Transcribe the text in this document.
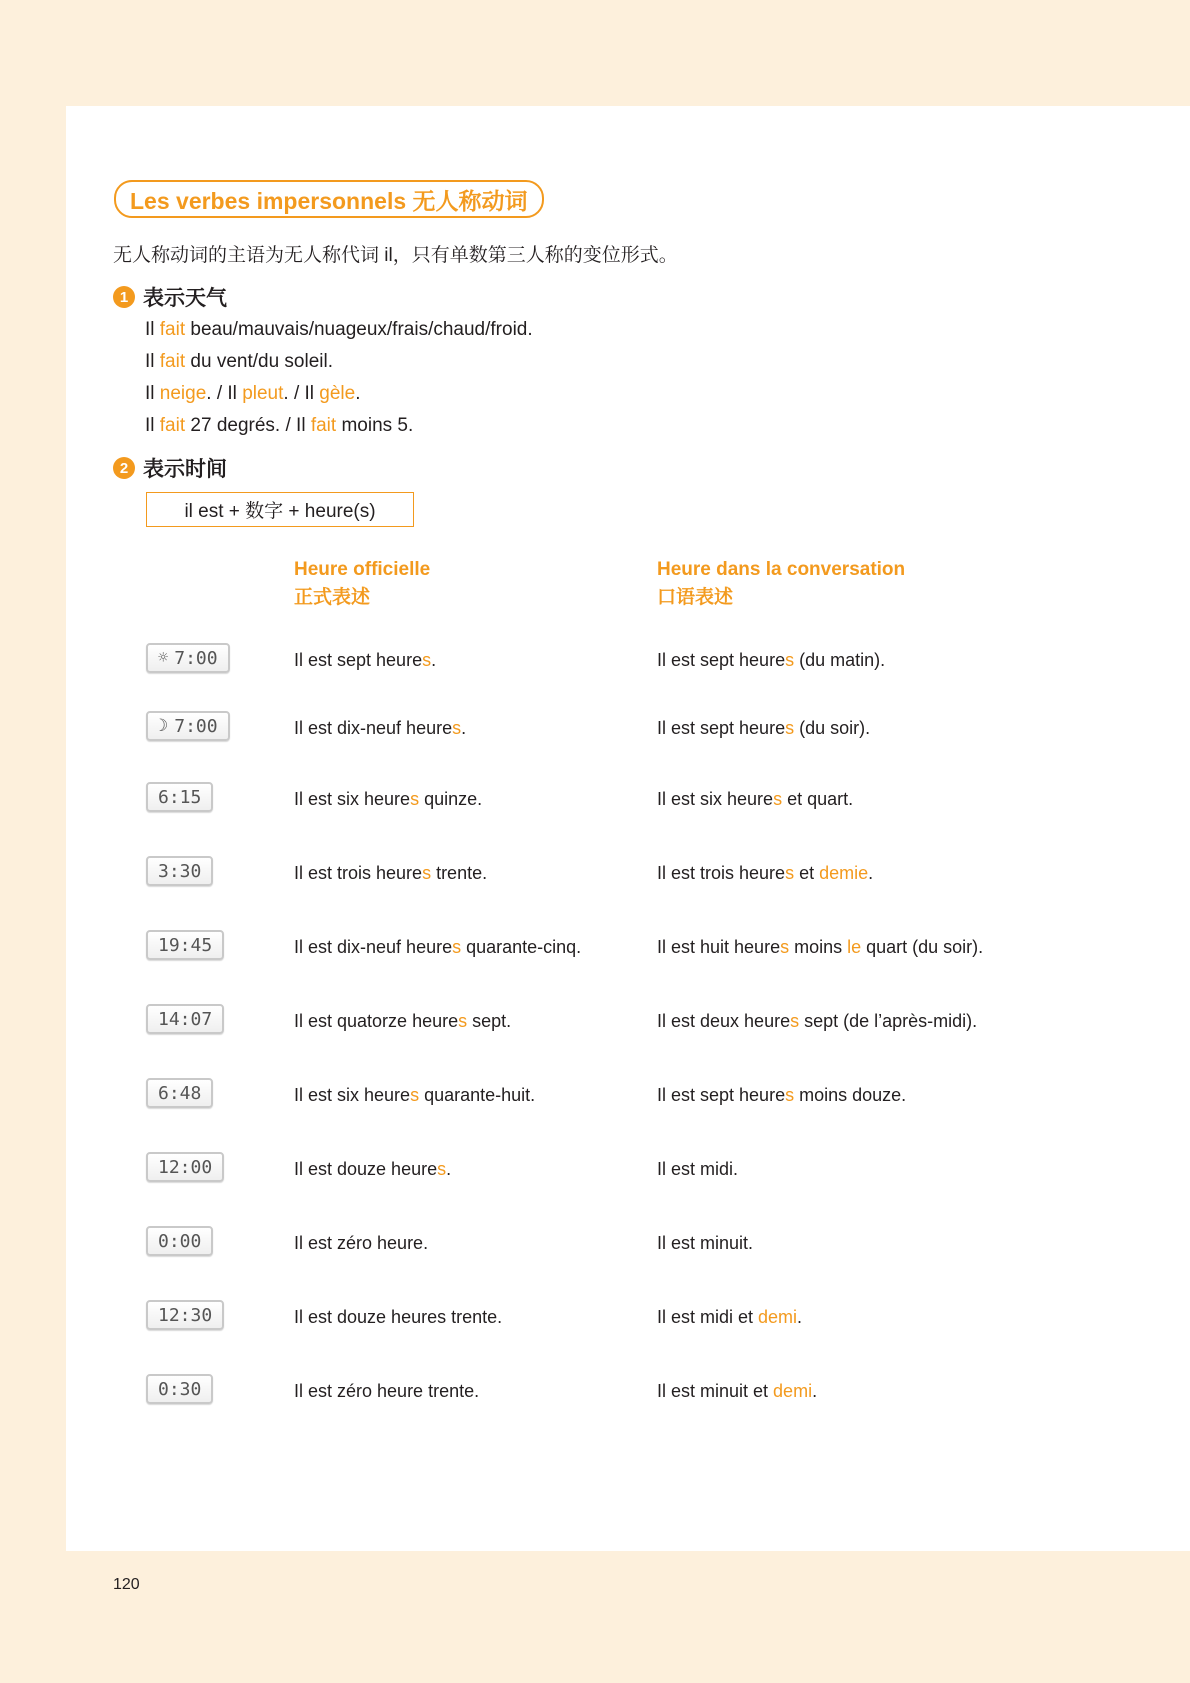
Les verbes impersonnels 无人称动词
无人称动词的主语为无人称代词 il，只有单数第三人称的变位形式。
1 表示天气
Il fait beau/mauvais/nuageux/frais/chaud/froid.
Il fait du vent/du soleil.
Il neige. / Il pleut. / Il gèle.
Il fait 27 degrés. / Il fait moins 5.
2 表示时间
il est + 数字 + heure(s)
Heure officielle
正式表述
Heure dans la conversation
口语表述
☼ 7:00	Il est sept heures.	Il est sept heures (du matin).
☽ 7:00	Il est dix-neuf heures.	Il est sept heures (du soir).
6:15	Il est six heures quinze.	Il est six heures et quart.
3:30	Il est trois heures trente.	Il est trois heures et demie.
19:45	Il est dix-neuf heures quarante-cinq.	Il est huit heures moins le quart (du soir).
14:07	Il est quatorze heures sept.	Il est deux heures sept (de l’après-midi).
6:48	Il est six heures quarante-huit.	Il est sept heures moins douze.
12:00	Il est douze heures.	Il est midi.
0:00	Il est zéro heure.	Il est minuit.
12:30	Il est douze heures trente.	Il est midi et demi.
0:30	Il est zéro heure trente.	Il est minuit et demi.
120
